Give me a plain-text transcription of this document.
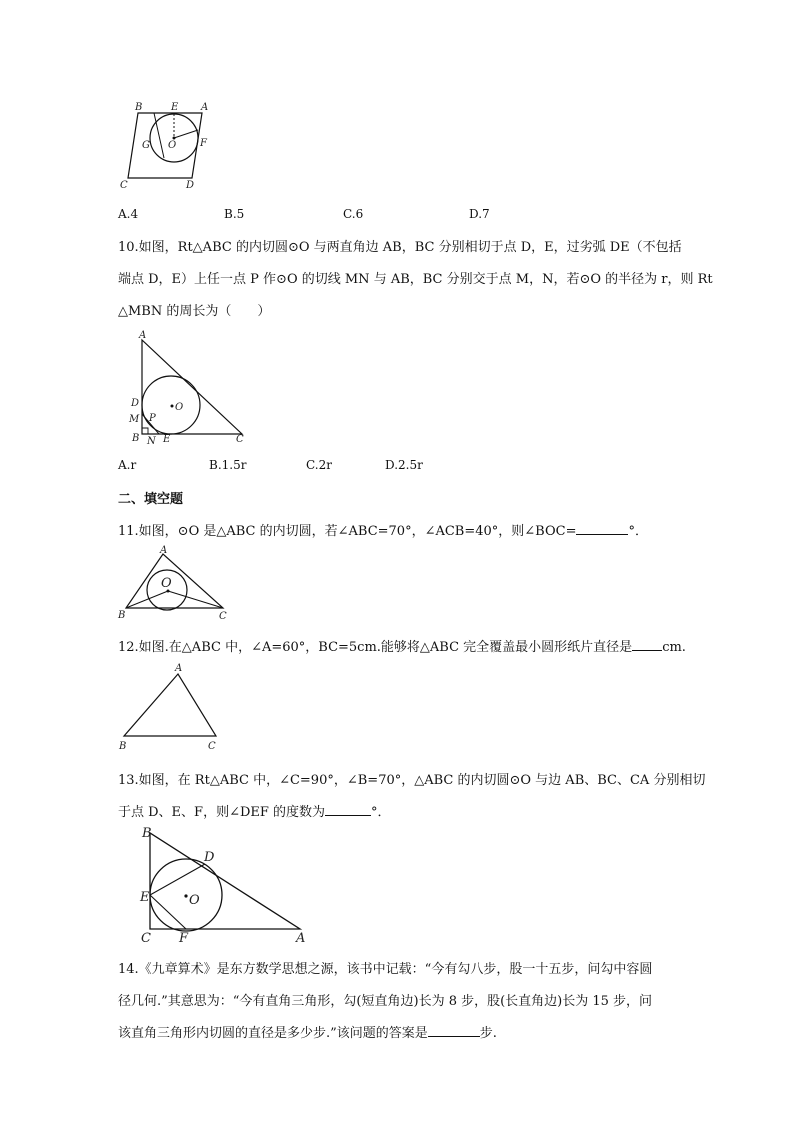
B	E A
G O F
C	D
A.4	B.5	C.6	D.7
10.如图，Rt△ABC 的内切圆⊙O 与两直角边 AB，BC 分别相切于点 D，E，过劣弧 DE（不包括
端点 D，E）上任一点 P 作⊙O 的切线 MN 与 AB，BC 分别交于点 M，N，若⊙O 的半径为 r，则 Rt
△MBN 的周长为（　　）
A
D
M P
B N E
O
C
A.r	B.1.5r	C.2r	D.2.5r
二、填空题
11.如图，⊙O 是△ABC 的内切圆，若∠ABC=70°，∠ACB=40°，则∠BOC=	°．
A
O
B	C
12.如图.在△ABC 中，∠A=60°，BC=5cm.能够将△ABC 完全覆盖最小圆形纸片直径是 cm.
A
B	C
13.如图，在 Rt△ABC 中，∠C=90°，∠B=70°，△ABC 的内切圆⊙O 与边 AB、BC、CA 分别相切
于点 D、E、F，则∠DEF 的度数为	°．
B
D
E	O
C F	A
14.《九章算术》是东方数学思想之源，该书中记载：“今有勾八步，股一十五步，问勾中容圆
径几何.”其意思为：“今有直角三角形，勾(短直角边)长为 8 步，股(长直角边)长为 15 步，问
该直角三角形内切圆的直径是多少步.”该问题的答案是	步.
